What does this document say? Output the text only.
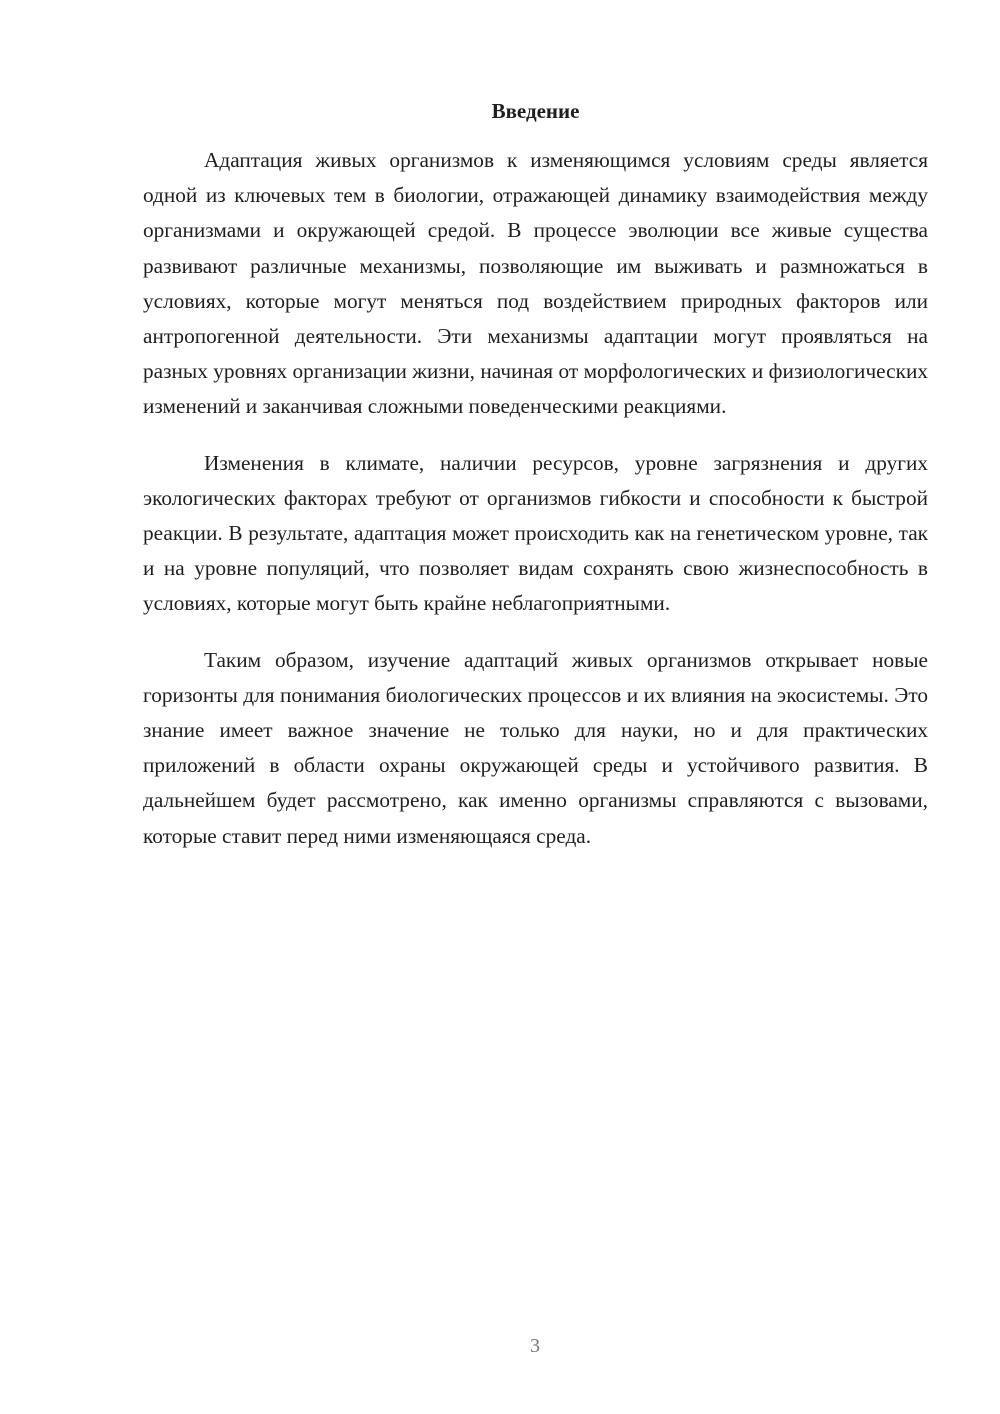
Введение

Адаптация живых организмов к изменяющимся условиям среды является одной из ключевых тем в биологии, отражающей динамику взаимодействия между организмами и окружающей средой. В процессе эволюции все живые существа развивают различные механизмы, позволяющие им выживать и размножаться в условиях, которые могут меняться под воздействием природных факторов или антропогенной деятельности. Эти механизмы адаптации могут проявляться на разных уровнях организации жизни, начиная от морфологических и физиологических изменений и заканчивая сложными поведенческими реакциями.

Изменения в климате, наличии ресурсов, уровне загрязнения и других экологических факторах требуют от организмов гибкости и способности к быстрой реакции. В результате, адаптация может происходить как на генетическом уровне, так и на уровне популяций, что позволяет видам сохранять свою жизнеспособность в условиях, которые могут быть крайне неблагоприятными.

Таким образом, изучение адаптаций живых организмов открывает новые горизонты для понимания биологических процессов и их влияния на экосистемы. Это знание имеет важное значение не только для науки, но и для практических приложений в области охраны окружающей среды и устойчивого развития. В дальнейшем будет рассмотрено, как именно организмы справляются с вызовами, которые ставит перед ними изменяющаяся среда.

3
